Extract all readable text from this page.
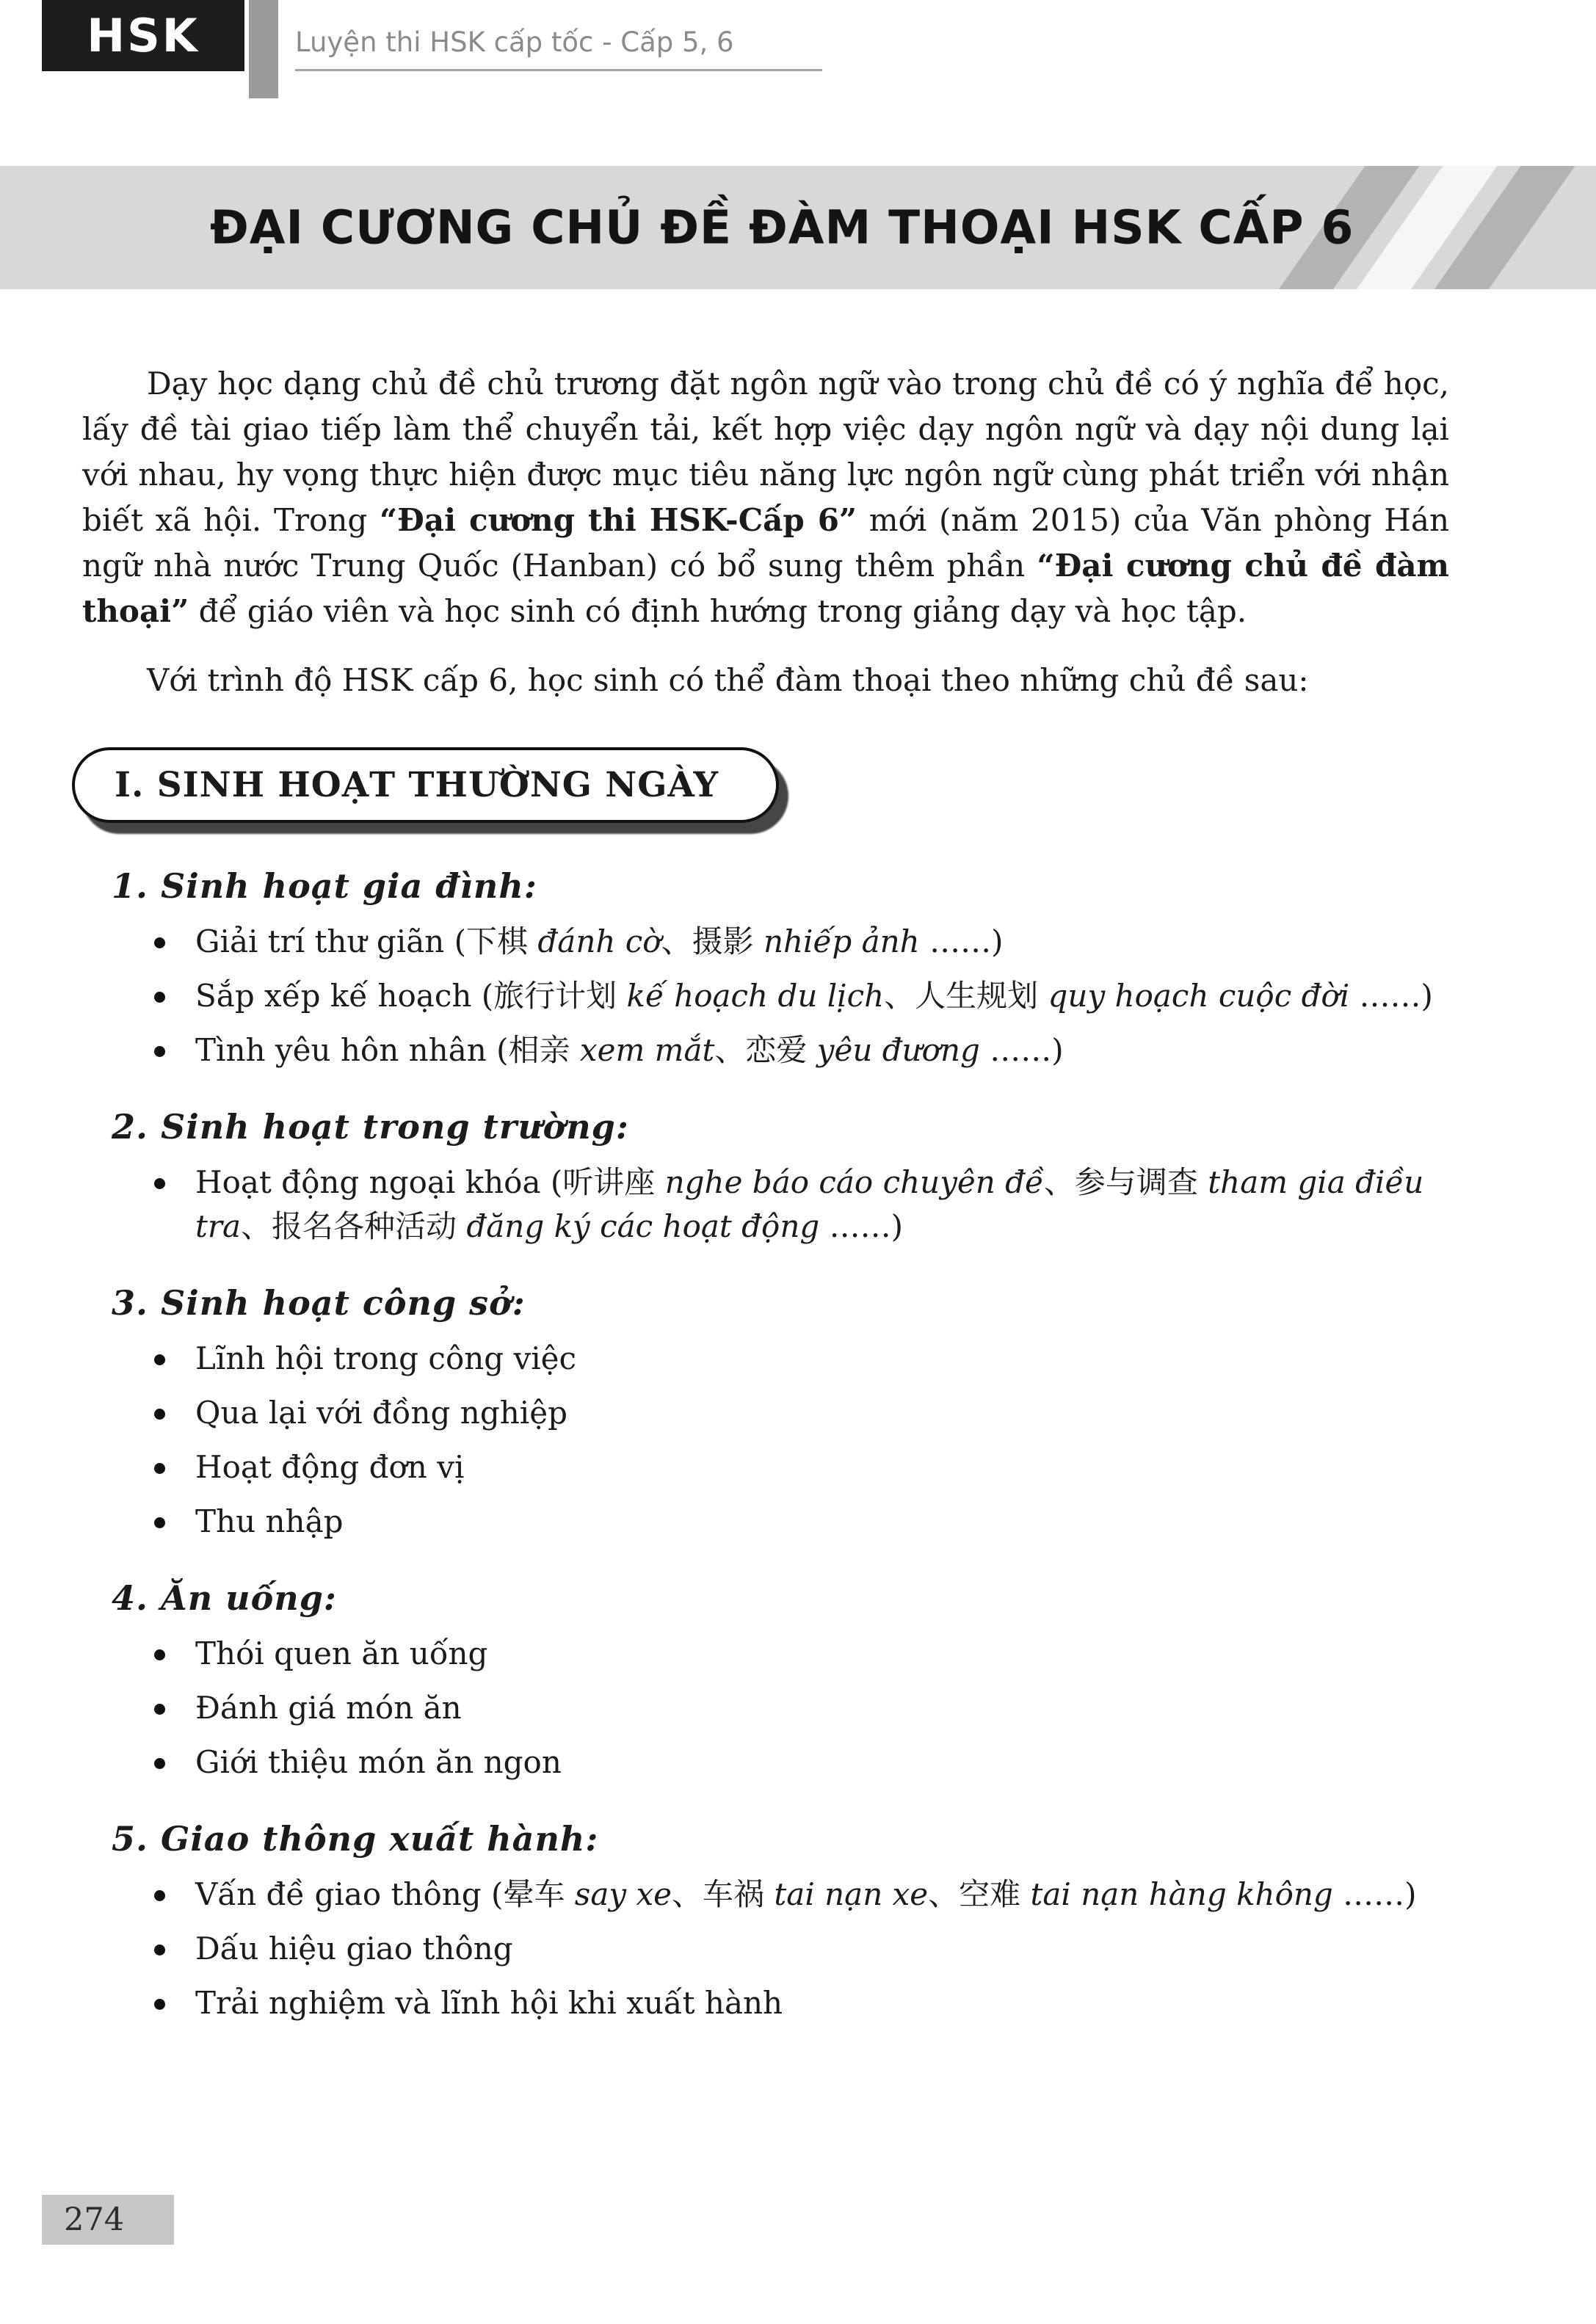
HSK	Luyện thi HSK cấp tốc - Cấp 5, 6
ĐẠI CƯƠNG CHỦ ĐỀ ĐÀM THOẠI HSK CẤP 6

Dạy học dạng chủ đề chủ trương đặt ngôn ngữ vào trong chủ đề có ý nghĩa để học, lấy đề tài giao tiếp làm thể chuyển tải, kết hợp việc dạy ngôn ngữ và dạy nội dung lại với nhau, hy vọng thực hiện được mục tiêu năng lực ngôn ngữ cùng phát triển với nhận biết xã hội. Trong “Đại cương thi HSK-Cấp 6” mới (năm 2015) của Văn phòng Hán ngữ nhà nước Trung Quốc (Hanban) có bổ sung thêm phần “Đại cương chủ đề đàm thoại” để giáo viên và học sinh có định hướng trong giảng dạy và học tập.

Với trình độ HSK cấp 6, học sinh có thể đàm thoại theo những chủ đề sau:

I. SINH HOẠT THƯỜNG NGÀY
1. Sinh hoạt gia đình:
Giải trí thư giãn (下棋 đánh cờ、摄影 nhiếp ảnh ……)
Sắp xếp kế hoạch (旅行计划 kế hoạch du lịch、人生规划 quy hoạch cuộc đời ……)
Tình yêu hôn nhân (相亲 xem mắt、恋爱 yêu đương ……)
2. Sinh hoạt trong trường:
Hoạt động ngoại khóa (听讲座 nghe báo cáo chuyên đề、参与调查 tham gia điều tra、报名各种活动 đăng ký các hoạt động ……)
3. Sinh hoạt công sở:
Lĩnh hội trong công việc
Qua lại với đồng nghiệp
Hoạt động đơn vị
Thu nhập
4. Ăn uống:
Thói quen ăn uống
Đánh giá món ăn
Giới thiệu món ăn ngon
5. Giao thông xuất hành:
Vấn đề giao thông (晕车 say xe、车祸 tai nạn xe、空难 tai nạn hàng không ……)
Dấu hiệu giao thông
Trải nghiệm và lĩnh hội khi xuất hành
274
